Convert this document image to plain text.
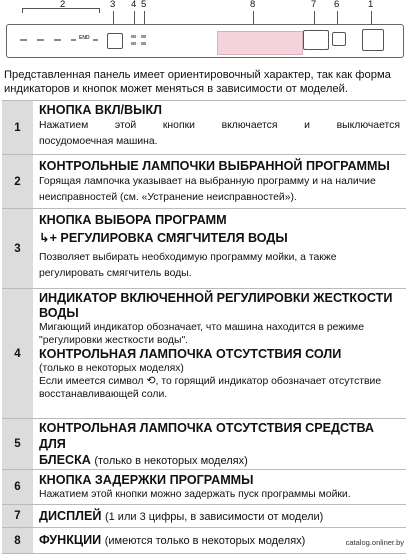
2	3 4 5	8	7 6	1
END
Представленная панель имеет ориентировочный характер, так как форма индикаторов и кнопок может меняться в зависимости от моделей.
1
КНОПКА ВКЛ/ВЫКЛ
Нажатием этой кнопки включается и выключается
посудомоечная машина.
2
КОНТРОЛЬНЫЕ ЛАМПОЧКИ ВЫБРАННОЙ ПРОГРАММЫ
Горящая лампочка указывает на выбранную программу и на наличие
неисправностей (см. «Устранение неисправностей»).
3
КНОПКА ВЫБОРА ПРОГРАММ
↳+ РЕГУЛИРОВКА СМЯГЧИТЕЛЯ ВОДЫ
Позволяет выбирать необходимую программу мойки, а также
регулировать смягчитель воды.
4
ИНДИКАТОР ВКЛЮЧЕННОЙ РЕГУЛИРОВКИ ЖЕСТКОСТИ
ВОДЫ
Мигающий индикатор обозначает, что машина находится в режиме
"регулировки жесткости воды".
КОНТРОЛЬНАЯ ЛАМПОЧКА ОТСУТСТВИЯ СОЛИ
(только в некоторых моделях)
Если имеется символ ⟲, то горящий индикатор обозначает отсутствие
восстанавливающей соли.
5
КОНТРОЛЬНАЯ ЛАМПОЧКА ОТСУТСТВИЯ СРЕДСТВА ДЛЯ
БЛЕСКА (только в некоторых моделях)
6	КНОПКА ЗАДЕРЖКИ ПРОГРАММЫ
Нажатием этой кнопки можно задержать пуск программы мойки.
7	ДИСПЛЕЙ (1 или 3 цифры, в зависимости от модели)
8	ФУНКЦИИ (имеются только в некоторых моделях)	catalog.onliner.by
